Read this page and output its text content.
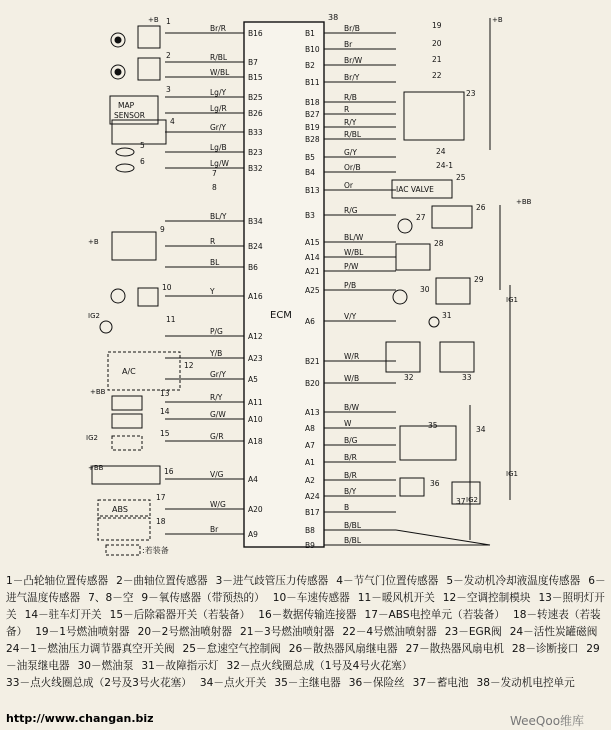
ECM
38
B16
Br/R
B7
R/BL
B15
W/BL
B25
Lg/Y
B26
Lg/R
B33
Gr/Y
B23
Lg/B
B32
Lg/W
B34
BL/Y
B24
R
B6
BL
A16
Y
A12
P/G
A23
Y/B
A5
Gr/Y
A11
R/Y
A10
G/W
A18
G/R
A4
V/G
A20
W/G
A9
Br
B1
Br/B
B10
Br
B2
Br/W
B11
Br/Y
B18
R/B
B27
R
B19
R/Y
B28
R/BL
B5
G/Y
B4
Or/B
B13
Or
B3
R/G
A15
BL/W
A14
W/BL
A21
P/W
A25
P/B
A6
V/Y
B21
W/R
B20
W/B
A13
B/W
A8
W
A7
B/G
A1
B/R
A2
B/R
A24
B/Y
B17
B
B8
B/BL
B9
B/BL
MAP
SENSOR
IAC VALVE
A/C
ABS
:若装备
+B
+B
+B
+BB
+BB
+BB
IG1
IG2
IG2
IG2
IG1
1
2
3
4
5
6
7
8
9
10
11
12
13
14
15
16
17
18
19
20
21
22
23
24
24-1
25
26
27
28
29
30
31
32	33
34
35
36
37
1－凸轮轴位置传感器 2－曲轴位置传感器 3－进气歧管压力传感器 4－节气门位置传感器 5－发动机冷却液温度传感器 6－进气温度传感器 7、8－空 9－氧传感器（带预热的） 10－车速传感器 11－暖风机开关 12－空调控制模块 13－照明灯开关 14－驻车灯开关 15－后除霜器开关（若装备） 16－数据传输连接器 17－ABS电控单元（若装备） 18－转速表（若装备） 19－1号燃油喷射器 20－2号燃油喷射器 21－3号燃油喷射器 22－4号燃油喷射器 23－EGR阀 24－活性炭罐磁阀24－1－燃油压力调节器真空开关阀 25－怠速空气控制阀 26－散热器风扇继电器 27－散热器风扇电机 28－诊断接口 29－油泵继电器 30－燃油泵 31－故障指示灯 32－点火线圈总成（1号及4号火花塞）33－点火线圈总成（2号及3号火花塞） 34－点火开关 35－主继电器 36－保险丝 37－蓄电池 38－发动机电控单元
http://www.changan.biz	WeeQoo维库
